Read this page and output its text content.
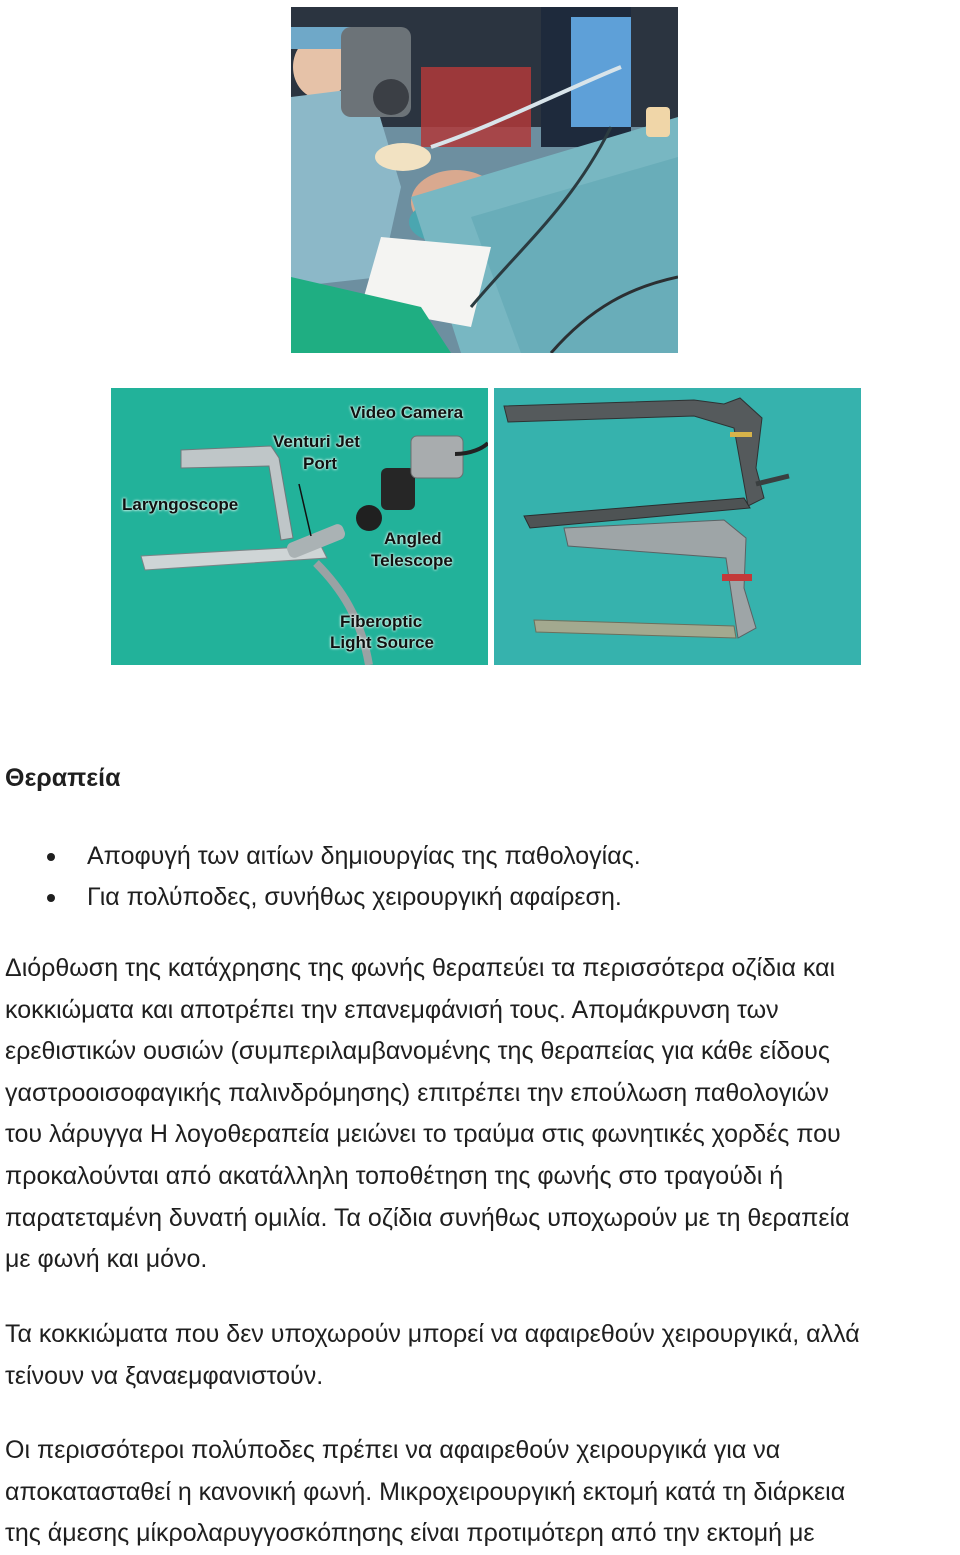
Video Camera
Venturi Jet
Port
Laryngoscope
Angled
Telescope
Fiberoptic
Light Source
Θεραπεία
Αποφυγή των αιτίων δημιουργίας της παθολογίας.
Για πολύποδες, συνήθως χειρουργική αφαίρεση.

Διόρθωση της κατάχρησης της φωνής θεραπεύει τα περισσότερα οζίδια και
κοκκιώματα και αποτρέπει την επανεμφάνισή τους. Απομάκρυνση των
ερεθιστικών ουσιών (συμπεριλαμβανομένης της θεραπείας για κάθε είδους
γαστροοισοφαγικής παλινδρόμησης) επιτρέπει την επούλωση παθολογιών
του λάρυγγα Η λογοθεραπεία μειώνει το τραύμα στις φωνητικές χορδές που
προκαλούνται από ακατάλληλη τοποθέτηση της φωνής στο τραγούδι ή
παρατεταμένη δυνατή ομιλία. Τα οζίδια συνήθως υποχωρούν με τη θεραπεία
με φωνή και μόνο.

Τα κοκκιώματα που δεν υποχωρούν μπορεί να αφαιρεθούν χειρουργικά, αλλά
τείνουν να ξαναεμφανιστούν.

Οι περισσότεροι πολύποδες πρέπει να αφαιρεθούν χειρουργικά για να
αποκατασταθεί η κανονική φωνή. Μικροχειρουργική εκτομή κατά τη διάρκεια
της άμεσης μίκρολαρυγγοσκόπησης είναι προτιμότερη από την εκτομή με
